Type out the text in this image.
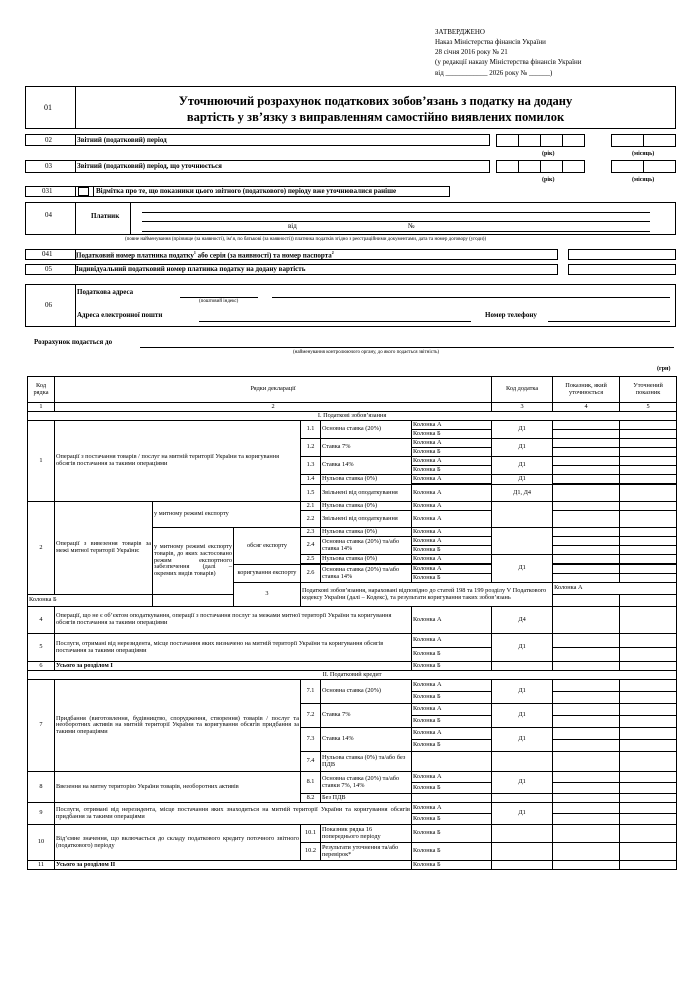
ЗАТВЕРДЖЕНО
Наказ Міністерства фінансів України
28 січня 2016 року № 21
(у редакції наказу Міністерства фінансів України
від ____________ 2026 року № ______)
01	Уточнюючий розрахунок податкових зобов’язань з податку на додану
вартість у зв’язку з виправленням самостійно виявлених помилок
02	Звітний (податковий) період
(рік)	(місяць)
03	Звітний (податковий) період, що уточнюється
(рік)	(місяць)
031	Відмітка про те, що показники цього звітного (податкового) періоду вже уточнювалися раніше
04	Платник
від	№
(повне найменування (прізвище (за наявності), ім’я, по батькові (за наявності)) платника податків згідно з реєстраційними документами, дата та номер договору (угоди))
041	Податковий номер платника податку$^1$ або серія (за наявності) та номер паспорта$^2$
05	Індивідуальний податковий номер платника податку на додану вартість
06
Податкова адреса
(поштовий індекс)
Адреса електронної пошти	Номер телефону
Розрахунок подається до
(найменування контролюючого органу, до якого подається звітність)
(грн)
Код рядка	Рядки декларації						Код додатка	Показник, який уточнюється	Уточнений показник	
1	2						3	4	5	
I. Податкові зобов’язання										
1	Операції з постачання товарів / послуг на митній території України та коригування обсягів постачання за такими операціями			1.1	Основна ставка (20%)	Колонка А	Д1			
						Колонка Б				
				1.2	Ставка 7%	Колонка А	Д1			
						Колонка Б				
				1.3	Ставка 14%	Колонка А	Д1			
						Колонка Б				
				1.4	Нульова ставка (0%)	Колонка А	Д1			

				1.5	Звільнені від оподаткування	Колонка А	Д1, Д4			

2	Операції з вивезення товарів за межі митної території України:	у митному режимі експорту		2.1	Нульова ставка (0%)	Колонка А				
				2.2	Звільнені від оподаткування	Колонка А				

		у митному режимі експорту товарів, до яких застосовано режим експортного забезпечення (далі – окремих видів товарів)	обсяг експорту	2.3	Нульова ставка (0%)	Колонка А				
				2.4	Основна ставка (20%) та/або ставка 14%	Колонка А				
						Колонка Б				
				2.5	Нульова ставка (0%)	Колонка А	Д1			

			коригування експорту	2.6	Основна ставка (20%) та/або ставка 14%	Колонка А				
						Колонка Б				
			3	Податкові зобов’язання, нараховані відповідно до статей 198 та 199 розділу V Податкового кодексу України (далі – Кодекс), та результати коригування таких зобов’язань				Колонка А				
Колонка Б										
4	Операції, що не є об’єктом оподаткування, операції з постачання послуг за межами митної території України та коригування обсягів постачання за такими операціями					Колонка А	Д4			
5	Послуги, отримані від нерезидента, місце постачання яких визначено на митній території України та коригування обсягів постачання за такими операціями					Колонка А	Д1			
						Колонка Б				
6	Усього за розділом I					Колонка Б				
II. Податковий кредит										
7	Придбання (виготовлення, будівництво, спорудження, створення) товарів / послуг та необоротних активів на митній території України та коригування обсягів придбання за такими операціями			7.1	Основна ставка (20%)	Колонка А	Д1			
						Колонка Б				
				7.2	Ставка 7%	Колонка А	Д1			
						Колонка Б				
				7.3	Ставка 14%	Колонка А	Д1			
						Колонка Б				
				7.4	Нульова ставка (0%) та/або без ПДВ					

8	Ввезення на митну територію України товарів, необоротних активів			8.1	Основна ставка (20%) та/або ставки 7%, 14%	Колонка А	Д1			
						Колонка Б				
				8.2	Без ПДВ					
9	Послуги, отримані від нерезидента, місце постачання яких знаходиться на митній території України та коригування обсягів придбання за такими операціями					Колонка А	Д1			
						Колонка Б				
10	Від’ємне значення, що включається до складу податкового кредиту поточного звітного (податкового) періоду			10.1	Показник рядка 16 попереднього періоду	Колонка Б				
				10.2	Результати уточнення та/або перевірок*	Колонка Б				
11	Усього за розділом II					Колонка Б				
